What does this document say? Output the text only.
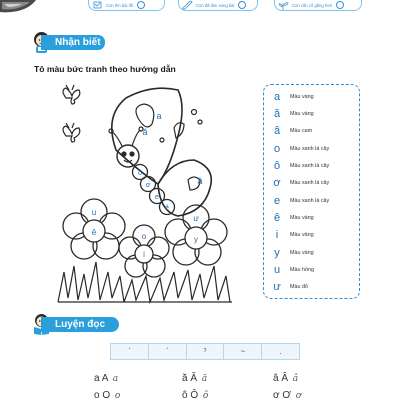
Con tìm bài tốt	Con đã làm xong bài	Con cần cố gắng hơn
Nhận biết
Tô màu bức tranh theo hướng dẫn
a
ă
â
ô
ơ
e
ê
u
ê	o
i
ư
y
a	Màu vàng
ă	Màu vàng
â	Màu cam
o	Màu xanh lá cây
ô	Màu xanh lá cây
ơ	Màu xanh lá cây
e	Màu xanh lá cây
ê	Màu vàng
i	Màu vàng
y	Màu vàng
u	Màu hồng
ư	Màu đỏ
Luyện đọc
ˋ	ˊ	ˀ	~	.
a A a	ă Ă ă	â Â â
o O o	ô Ô ô	ơ Ơ ơ
